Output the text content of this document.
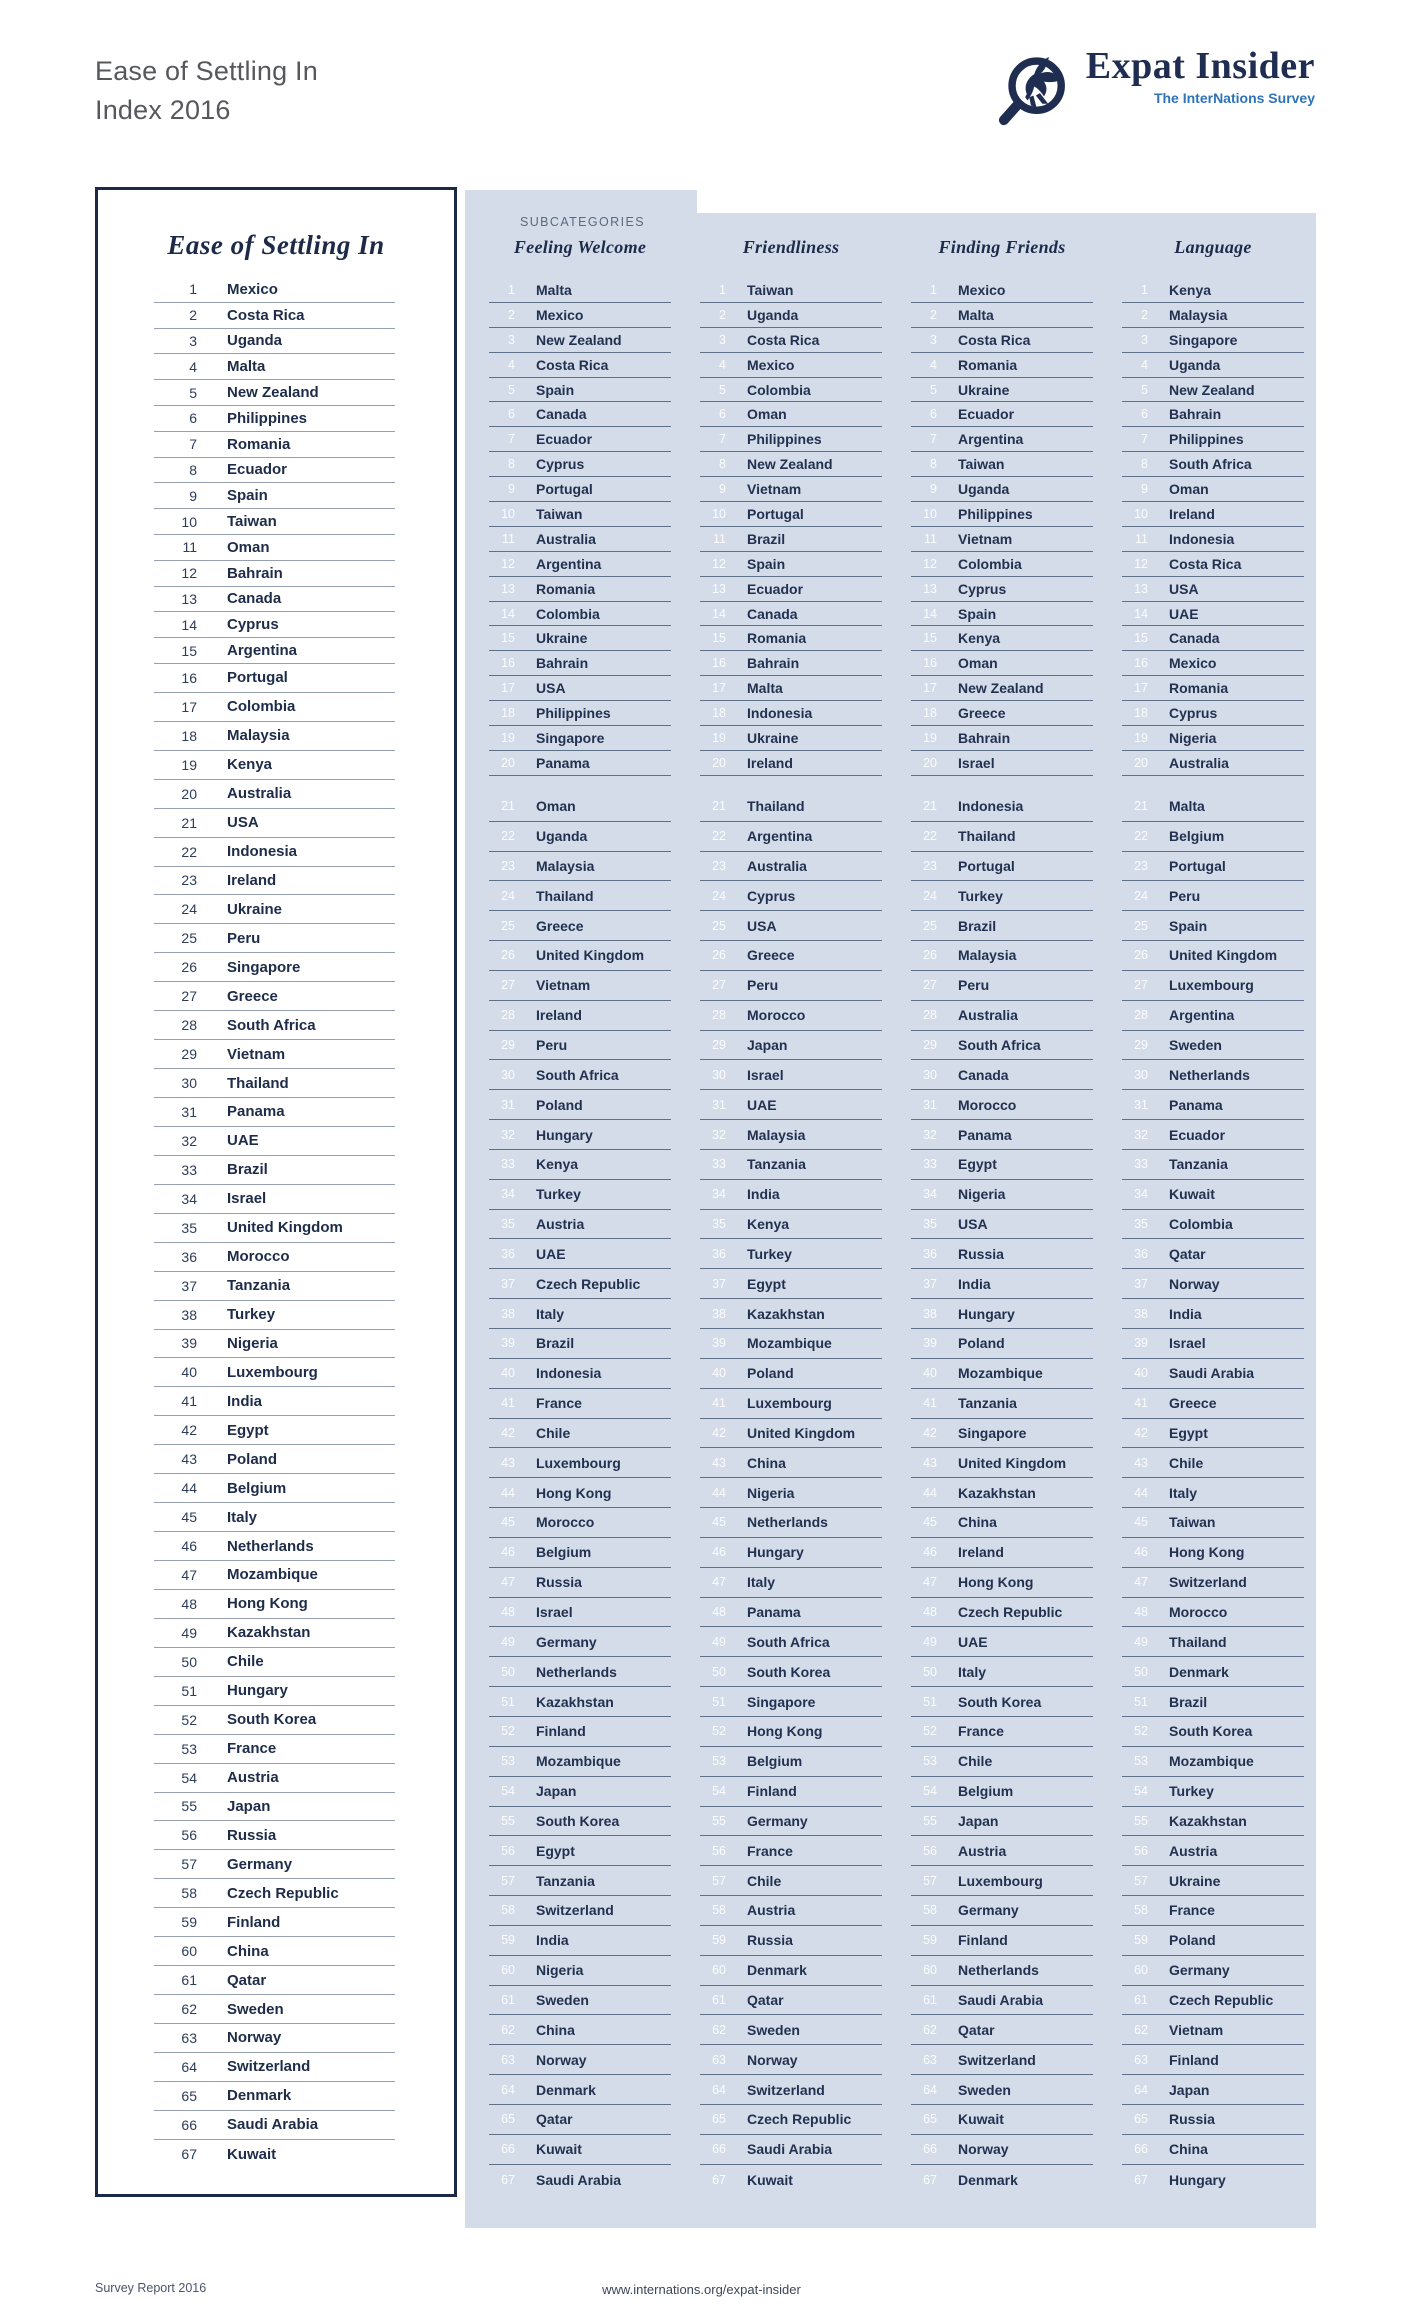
Ease of Settling In
Index 2016
Expat Insider
The InterNations Survey
Ease of Settling In
1 Mexico
2 Costa Rica
3 Uganda
4 Malta
5 New Zealand
6 Philippines
7 Romania
8 Ecuador
9 Spain
10 Taiwan
11 Oman
12 Bahrain
13 Canada
14 Cyprus
15 Argentina
16 Portugal
17 Colombia
18 Malaysia
19 Kenya
20 Australia
21 USA
22 Indonesia
23 Ireland
24 Ukraine
25 Peru
26 Singapore
27 Greece
28 South Africa
29 Vietnam
30 Thailand
31 Panama
32 UAE
33 Brazil
34 Israel
35 United Kingdom
36 Morocco
37 Tanzania
38 Turkey
39 Nigeria
40 Luxembourg
41 India
42 Egypt
43 Poland
44 Belgium
45 Italy
46 Netherlands
47 Mozambique
48 Hong Kong
49 Kazakhstan
50 Chile
51 Hungary
52 South Korea
53 France
54 Austria
55 Japan
56 Russia
57 Germany
58 Czech Republic
59 Finland
60 China
61 Qatar
62 Sweden
63 Norway
64 Switzerland
65 Denmark
66 Saudi Arabia
67 Kuwait
SUBCATEGORIES
Feeling Welcome
1 Malta
2 Mexico
3 New Zealand
4 Costa Rica
5 Spain
6 Canada
7 Ecuador
8 Cyprus
9 Portugal
10 Taiwan
11 Australia
12 Argentina
13 Romania
14 Colombia
15 Ukraine
16 Bahrain
17 USA
18 Philippines
19 Singapore
20 Panama
21 Oman
22 Uganda
23 Malaysia
24 Thailand
25 Greece
26 United Kingdom
27 Vietnam
28 Ireland
29 Peru
30 South Africa
31 Poland
32 Hungary
33 Kenya
34 Turkey
35 Austria
36 UAE
37 Czech Republic
38 Italy
39 Brazil
40 Indonesia
41 France
42 Chile
43 Luxembourg
44 Hong Kong
45 Morocco
46 Belgium
47 Russia
48 Israel
49 Germany
50 Netherlands
51 Kazakhstan
52 Finland
53 Mozambique
54 Japan
55 South Korea
56 Egypt
57 Tanzania
58 Switzerland
59 India
60 Nigeria
61 Sweden
62 China
63 Norway
64 Denmark
65 Qatar
66 Kuwait
67 Saudi Arabia
Friendliness
1 Taiwan
2 Uganda
3 Costa Rica
4 Mexico
5 Colombia
6 Oman
7 Philippines
8 New Zealand
9 Vietnam
10 Portugal
11 Brazil
12 Spain
13 Ecuador
14 Canada
15 Romania
16 Bahrain
17 Malta
18 Indonesia
19 Ukraine
20 Ireland
21 Thailand
22 Argentina
23 Australia
24 Cyprus
25 USA
26 Greece
27 Peru
28 Morocco
29 Japan
30 Israel
31 UAE
32 Malaysia
33 Tanzania
34 India
35 Kenya
36 Turkey
37 Egypt
38 Kazakhstan
39 Mozambique
40 Poland
41 Luxembourg
42 United Kingdom
43 China
44 Nigeria
45 Netherlands
46 Hungary
47 Italy
48 Panama
49 South Africa
50 South Korea
51 Singapore
52 Hong Kong
53 Belgium
54 Finland
55 Germany
56 France
57 Chile
58 Austria
59 Russia
60 Denmark
61 Qatar
62 Sweden
63 Norway
64 Switzerland
65 Czech Republic
66 Saudi Arabia
67 Kuwait
Finding Friends
1 Mexico
2 Malta
3 Costa Rica
4 Romania
5 Ukraine
6 Ecuador
7 Argentina
8 Taiwan
9 Uganda
10 Philippines
11 Vietnam
12 Colombia
13 Cyprus
14 Spain
15 Kenya
16 Oman
17 New Zealand
18 Greece
19 Bahrain
20 Israel
21 Indonesia
22 Thailand
23 Portugal
24 Turkey
25 Brazil
26 Malaysia
27 Peru
28 Australia
29 South Africa
30 Canada
31 Morocco
32 Panama
33 Egypt
34 Nigeria
35 USA
36 Russia
37 India
38 Hungary
39 Poland
40 Mozambique
41 Tanzania
42 Singapore
43 United Kingdom
44 Kazakhstan
45 China
46 Ireland
47 Hong Kong
48 Czech Republic
49 UAE
50 Italy
51 South Korea
52 France
53 Chile
54 Belgium
55 Japan
56 Austria
57 Luxembourg
58 Germany
59 Finland
60 Netherlands
61 Saudi Arabia
62 Qatar
63 Switzerland
64 Sweden
65 Kuwait
66 Norway
67 Denmark
Language
1 Kenya
2 Malaysia
3 Singapore
4 Uganda
5 New Zealand
6 Bahrain
7 Philippines
8 South Africa
9 Oman
10 Ireland
11 Indonesia
12 Costa Rica
13 USA
14 UAE
15 Canada
16 Mexico
17 Romania
18 Cyprus
19 Nigeria
20 Australia
21 Malta
22 Belgium
23 Portugal
24 Peru
25 Spain
26 United Kingdom
27 Luxembourg
28 Argentina
29 Sweden
30 Netherlands
31 Panama
32 Ecuador
33 Tanzania
34 Kuwait
35 Colombia
36 Qatar
37 Norway
38 India
39 Israel
40 Saudi Arabia
41 Greece
42 Egypt
43 Chile
44 Italy
45 Taiwan
46 Hong Kong
47 Switzerland
48 Morocco
49 Thailand
50 Denmark
51 Brazil
52 South Korea
53 Mozambique
54 Turkey
55 Kazakhstan
56 Austria
57 Ukraine
58 France
59 Poland
60 Germany
61 Czech Republic
62 Vietnam
63 Finland
64 Japan
65 Russia
66 China
67 Hungary
Survey Report 2016	www.internations.org/expat-insider
